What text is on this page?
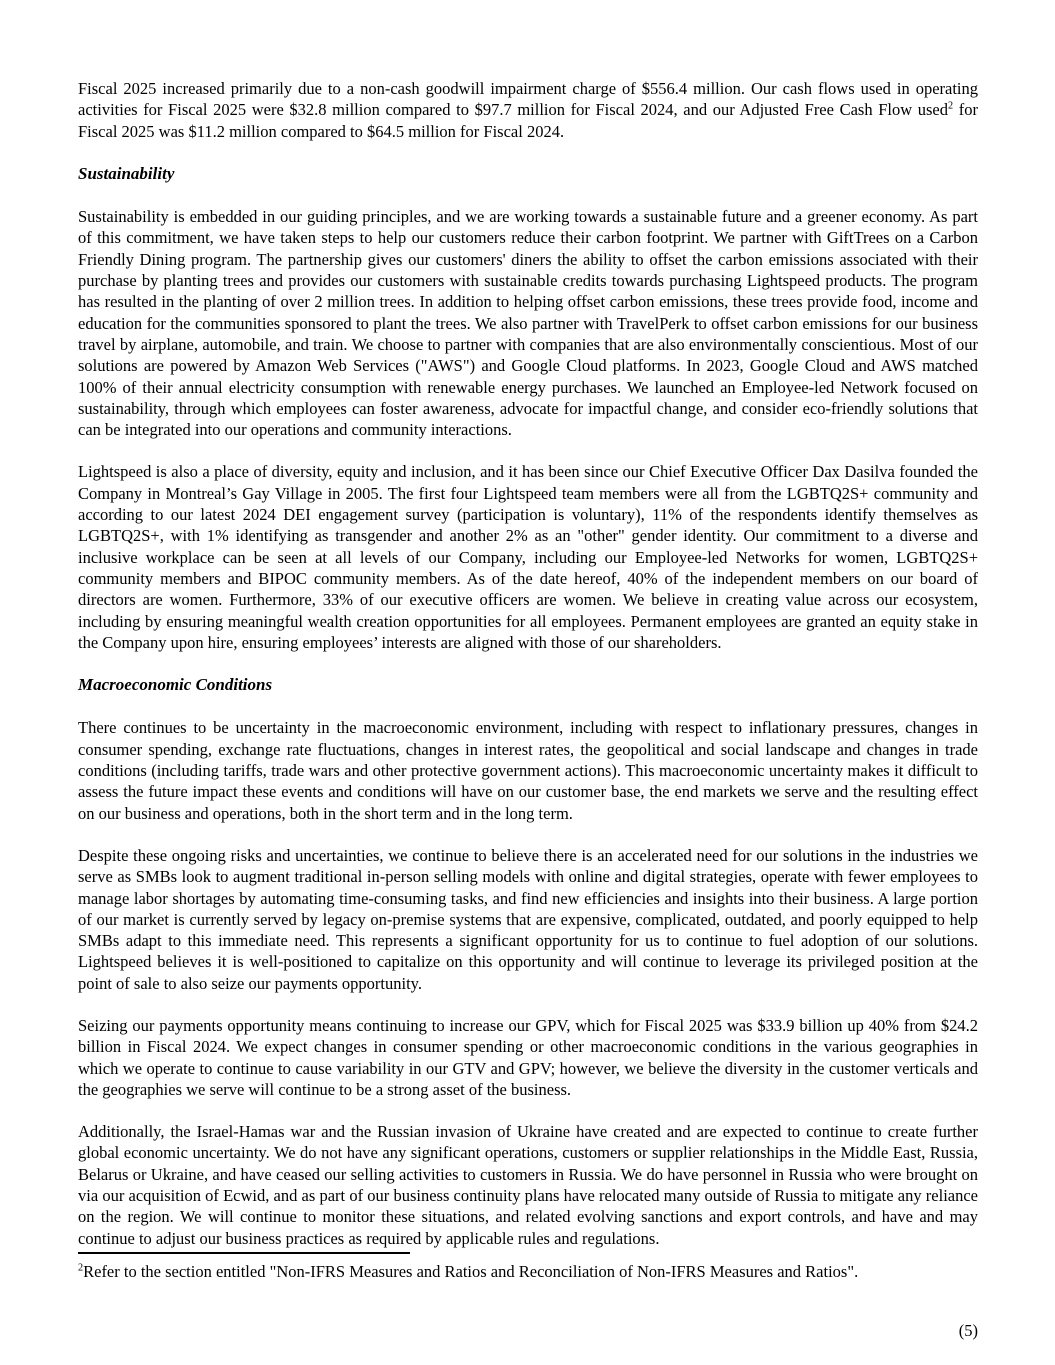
Fiscal 2025 increased primarily due to a non-cash goodwill impairment charge of $556.4 million. Our cash flows used in operating activities for Fiscal 2025 were $32.8 million compared to $97.7 million for Fiscal 2024, and our Adjusted Free Cash Flow used$^2$ for Fiscal 2025 was $11.2 million compared to $64.5 million for Fiscal 2024.

Sustainability

Sustainability is embedded in our guiding principles, and we are working towards a sustainable future and a greener economy. As part of this commitment, we have taken steps to help our customers reduce their carbon footprint. We partner with GiftTrees on a Carbon Friendly Dining program. The partnership gives our customers' diners the ability to offset the carbon emissions associated with their purchase by planting trees and provides our customers with sustainable credits towards purchasing Lightspeed products. The program has resulted in the planting of over 2 million trees. In addition to helping offset carbon emissions, these trees provide food, income and education for the communities sponsored to plant the trees. We also partner with TravelPerk to offset carbon emissions for our business travel by airplane, automobile, and train. We choose to partner with companies that are also environmentally conscientious. Most of our solutions are powered by Amazon Web Services ("AWS") and Google Cloud platforms. In 2023, Google Cloud and AWS matched 100% of their annual electricity consumption with renewable energy purchases. We launched an Employee-led Network focused on sustainability, through which employees can foster awareness, advocate for impactful change, and consider eco-friendly solutions that can be integrated into our operations and community interactions.

Lightspeed is also a place of diversity, equity and inclusion, and it has been since our Chief Executive Officer Dax Dasilva founded the Company in Montreal’s Gay Village in 2005. The first four Lightspeed team members were all from the LGBTQ2S+ community and according to our latest 2024 DEI engagement survey (participation is voluntary), 11% of the respondents identify themselves as LGBTQ2S+, with 1% identifying as transgender and another 2% as an "other" gender identity. Our commitment to a diverse and inclusive workplace can be seen at all levels of our Company, including our Employee-led Networks for women, LGBTQ2S+ community members and BIPOC community members. As of the date hereof, 40% of the independent members on our board of directors are women. Furthermore, 33% of our executive officers are women. We believe in creating value across our ecosystem, including by ensuring meaningful wealth creation opportunities for all employees. Permanent employees are granted an equity stake in the Company upon hire, ensuring employees’ interests are aligned with those of our shareholders.

Macroeconomic Conditions

There continues to be uncertainty in the macroeconomic environment, including with respect to inflationary pressures, changes in consumer spending, exchange rate fluctuations, changes in interest rates, the geopolitical and social landscape and changes in trade conditions (including tariffs, trade wars and other protective government actions). This macroeconomic uncertainty makes it difficult to assess the future impact these events and conditions will have on our customer base, the end markets we serve and the resulting effect on our business and operations, both in the short term and in the long term.

Despite these ongoing risks and uncertainties, we continue to believe there is an accelerated need for our solutions in the industries we serve as SMBs look to augment traditional in-person selling models with online and digital strategies, operate with fewer employees to manage labor shortages by automating time-consuming tasks, and find new efficiencies and insights into their business. A large portion of our market is currently served by legacy on-premise systems that are expensive, complicated, outdated, and poorly equipped to help SMBs adapt to this immediate need. This represents a significant opportunity for us to continue to fuel adoption of our solutions. Lightspeed believes it is well-positioned to capitalize on this opportunity and will continue to leverage its privileged position at the point of sale to also seize our payments opportunity.

Seizing our payments opportunity means continuing to increase our GPV, which for Fiscal 2025 was $33.9 billion up 40% from $24.2 billion in Fiscal 2024. We expect changes in consumer spending or other macroeconomic conditions in the various geographies in which we operate to continue to cause variability in our GTV and GPV; however, we believe the diversity in the customer verticals and the geographies we serve will continue to be a strong asset of the business.

Additionally, the Israel-Hamas war and the Russian invasion of Ukraine have created and are expected to continue to create further global economic uncertainty. We do not have any significant operations, customers or supplier relationships in the Middle East, Russia, Belarus or Ukraine, and have ceased our selling activities to customers in Russia. We do have personnel in Russia who were brought on via our acquisition of Ecwid, and as part of our business continuity plans have relocated many outside of Russia to mitigate any reliance on the region. We will continue to monitor these situations, and related evolving sanctions and export controls, and have and may continue to adjust our business practices as required by applicable rules and regulations.

$^2$Refer to the section entitled "Non-IFRS Measures and Ratios and Reconciliation of Non-IFRS Measures and Ratios".

(5)
